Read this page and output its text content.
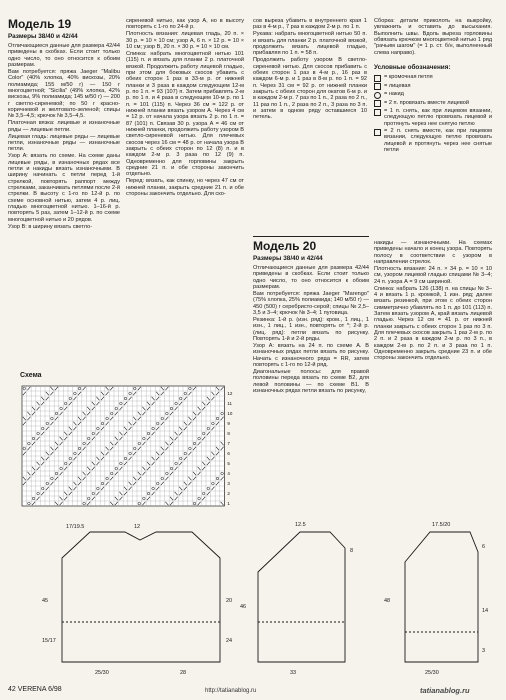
Модель 19
Размеры 38/40 и 42/44

Отличающиеся данные для размера 42/44 приведены в скобках. Если стоит только одно число, то оно относится к обоим размерам.

Вам потребуется: пряжа Jaeger "Malibu Color" (40% хлопка, 40% вискозы, 20% полиамида; 155 м/50 г) — 150 г многоцветной; "Sicilia" (49% хлопка, 42% вискозы, 9% полиамида; 145 м/50 г) — 200 г светло-сиреневой; по 50 г красно-коричневой и желтовато-зеленой; спицы № 3,5–4,5; крючок № 3,5–4,5.

Платочная вязка: лицевые и изнаночные ряды — лицевые петли.

Лицевая гладь: лицевые ряды — лицевые петли, изнаночные ряды — изнаночные петли.

Узор А: вязать по схеме. На схеме даны лицевые ряды, в изнаночных рядах все петли и накиды вязать изнаночными. В ширину начинать с петли перед 1-й стрелкой, повторять раппорт между стрелками, заканчивать петлями после 2-й стрелки. В высоту с 1-го по 12-й р. по схеме основной нитью, затем 4 р. лиц. гладью многоцветной нитью. 1–16-й р. повторять 5 раз, затем 1–12-й р. по схеме многоцветной нитью и 20 рядов.

Узор В: в ширину вязать светло-

сиреневой нитью, как узор А, но в высоту повторять с 1-го по 24-й р.

Плотность вязания: лицевая гладь, 20 п. × 30 р. = 10 × 10 см; узор А, 6 п. × 12 р. = 10 × 10 см; узор В, 20 п. × 30 р. = 10 × 10 см.

Спинка: набрать многоцветной нитью 101 (115) п. и вязать для планки 2 р. платочной вязкой. Продолжить работу лицевой гладью, при этом для боковых скосов убавить с обеих сторон 1 раз в 33-м р. от нижней планки и 3 раза в каждом следующем 12-м р. по 1 п. = 93 (107) п. Затем прибавлять 2-м р. по 1 п. и 4 раза в следующем 10-м р. по 1 п. = 101 (115) п. Через 36 см = 122 р. от нижней планки вязать узором А. Через 4 см = 12 р. от начала узора вязать 2 р. по 1 п. = 87 (101) п. Связав 30 р. узора А = 46 см от нижней планки, продолжить работу узором В светло-сиреневой нитью. Для плечевых скосов через 16 см = 48 р. от начала узора В закрыть с обеих сторон по 12 (8) п. и в каждом 2-м р. 3 раза по 12 (9) п. Одновременно для горловины закрыть средние 21 п. и обе стороны закончить отдельно.

Перед: вязать, как спинку, но через 47 см от нижней планки, закрыть средние 21 п. и обе стороны закончить отдельно. Для ско-

сов выреза убавить в внутреннего края 1 раз в 4-м р., 7 раз в каждом 2-м р. по 1 п.

Рукава: набрать многоцветной нитью 50 п. и вязать для планки 2 р. платочной вязкой, продолжить вязать лицевой гладью, прибавляя по 1 п. = 58 п.

Продолжить работу узором В светло-сиреневой нитью. Для скосов прибавить с обеих сторон 1 раз в 4-м р., 16 раз в каждом 6-м р. и 1 раз в 8-м р. по 1 п. = 92 п. Через 31 см = 92 р. от нижней планки закрыть с обеих сторон для окатов 6-м р. и в каждом 2-м р. 7 раз по 1 п., 2 раза по 2 п., 11 раз по 1 п., 2 раза по 2 п., 3 раза по 3 п. и затем в одном ряду оставшиеся 10 петель.

Сборка: детали приколоть на выкройку, увлажнить и оставить до высыхания. Выполнить швы. Вдоль выреза горловины обвязать крючком многоцветной нитью 1 ряд "рачьим шагом" (= 1 р. ст. б/н, выполненный слева направо).

Условные обозначения:
= кромочная петля
= лицевая
= накид
= 2 п. провязать вместе лицевой
= 1 п. снять, как при лицевом вязании, следующую петлю провязать лицевой и протянуть через нее снятую петлю
= 2 п. снять вместе, как при лицевом вязании, следующую петлю провязать лицевой и протянуть через нее снятые петли
Модель 20
Размеры 38/40 и 42/44

Отличающиеся данные для размера 42/44 приведены в скобках. Если стоит только одно число, то оно относится к обоим размерам.

Вам потребуется: пряжа Jaeger "Marengo" (75% хлопка, 25% полиамида; 140 м/50 г) — 450 (500) г серебристо-серой; спицы № 2,5–3,5 и 3–4; крючок № 3–4; 1 пуговица.

Резинка: 1-й р. (изн. ряд): кром., 1 лиц., 1 изн., 1 лиц., 1 изн., повторять от *; 2-й р. (лиц. ряд): петли вязать по рисунку. Повторять 1-й и 2-й ряды.

Узор А: вязать на 24 п. по схеме А. В изнаночных рядах петли вязать по рисунку. Начать с изнаночного ряда = RR, затем повторять с 1-го по 12-й ряд.

Диагональные полосы: для правой половины переда вязать по схеме В2, для левой половины — по схеме В1. В изнаночных рядах петли вязать по рисунку,

накиды — изнаночными. На схемах приведены начало и конец узора. Повторять полосу в соответствии с узором в направлении стрелок.

Плотность вязания: 24 п. × 34 р. = 10 × 10 см, узором лицевой гладью спицами № 3–4; 24 п. узора А = 9 см шириной.

Спинка: набрать 126 (138) п. на спицы № 3–4 и вязать 1 р. кромкой, 1 изн. ряд; далее вязать резинкой, при этом с обеих сторон симметрично убавлять по 1 п. до 101 (113) п. Затем вязать узором А, край вязать лицевой гладью. Через 12 см = 41 р. от нижней планки закрыть с обеих сторон 1 раз по 3 п. Для плечевых скосов закрыть 1 раз 2-м р. по 2 п. и 2 раза в каждом 2-м р. по 3 п., в каждом 2-м р. по 2 п. и 3 раза по 1 п. Одновременно закрыть средние 23 п. и обе стороны закончить отдельно.

Схема
1
2
3
4
5
6
7
8
9
10
11
12
17/19.5	12
45
15/17
25/30	28
20
24
12.5
46
8
33
17.5/20
6
48
14
3
25/30
42 VERENA 6/98	http://tatianablog.ru	tatianablog.ru
